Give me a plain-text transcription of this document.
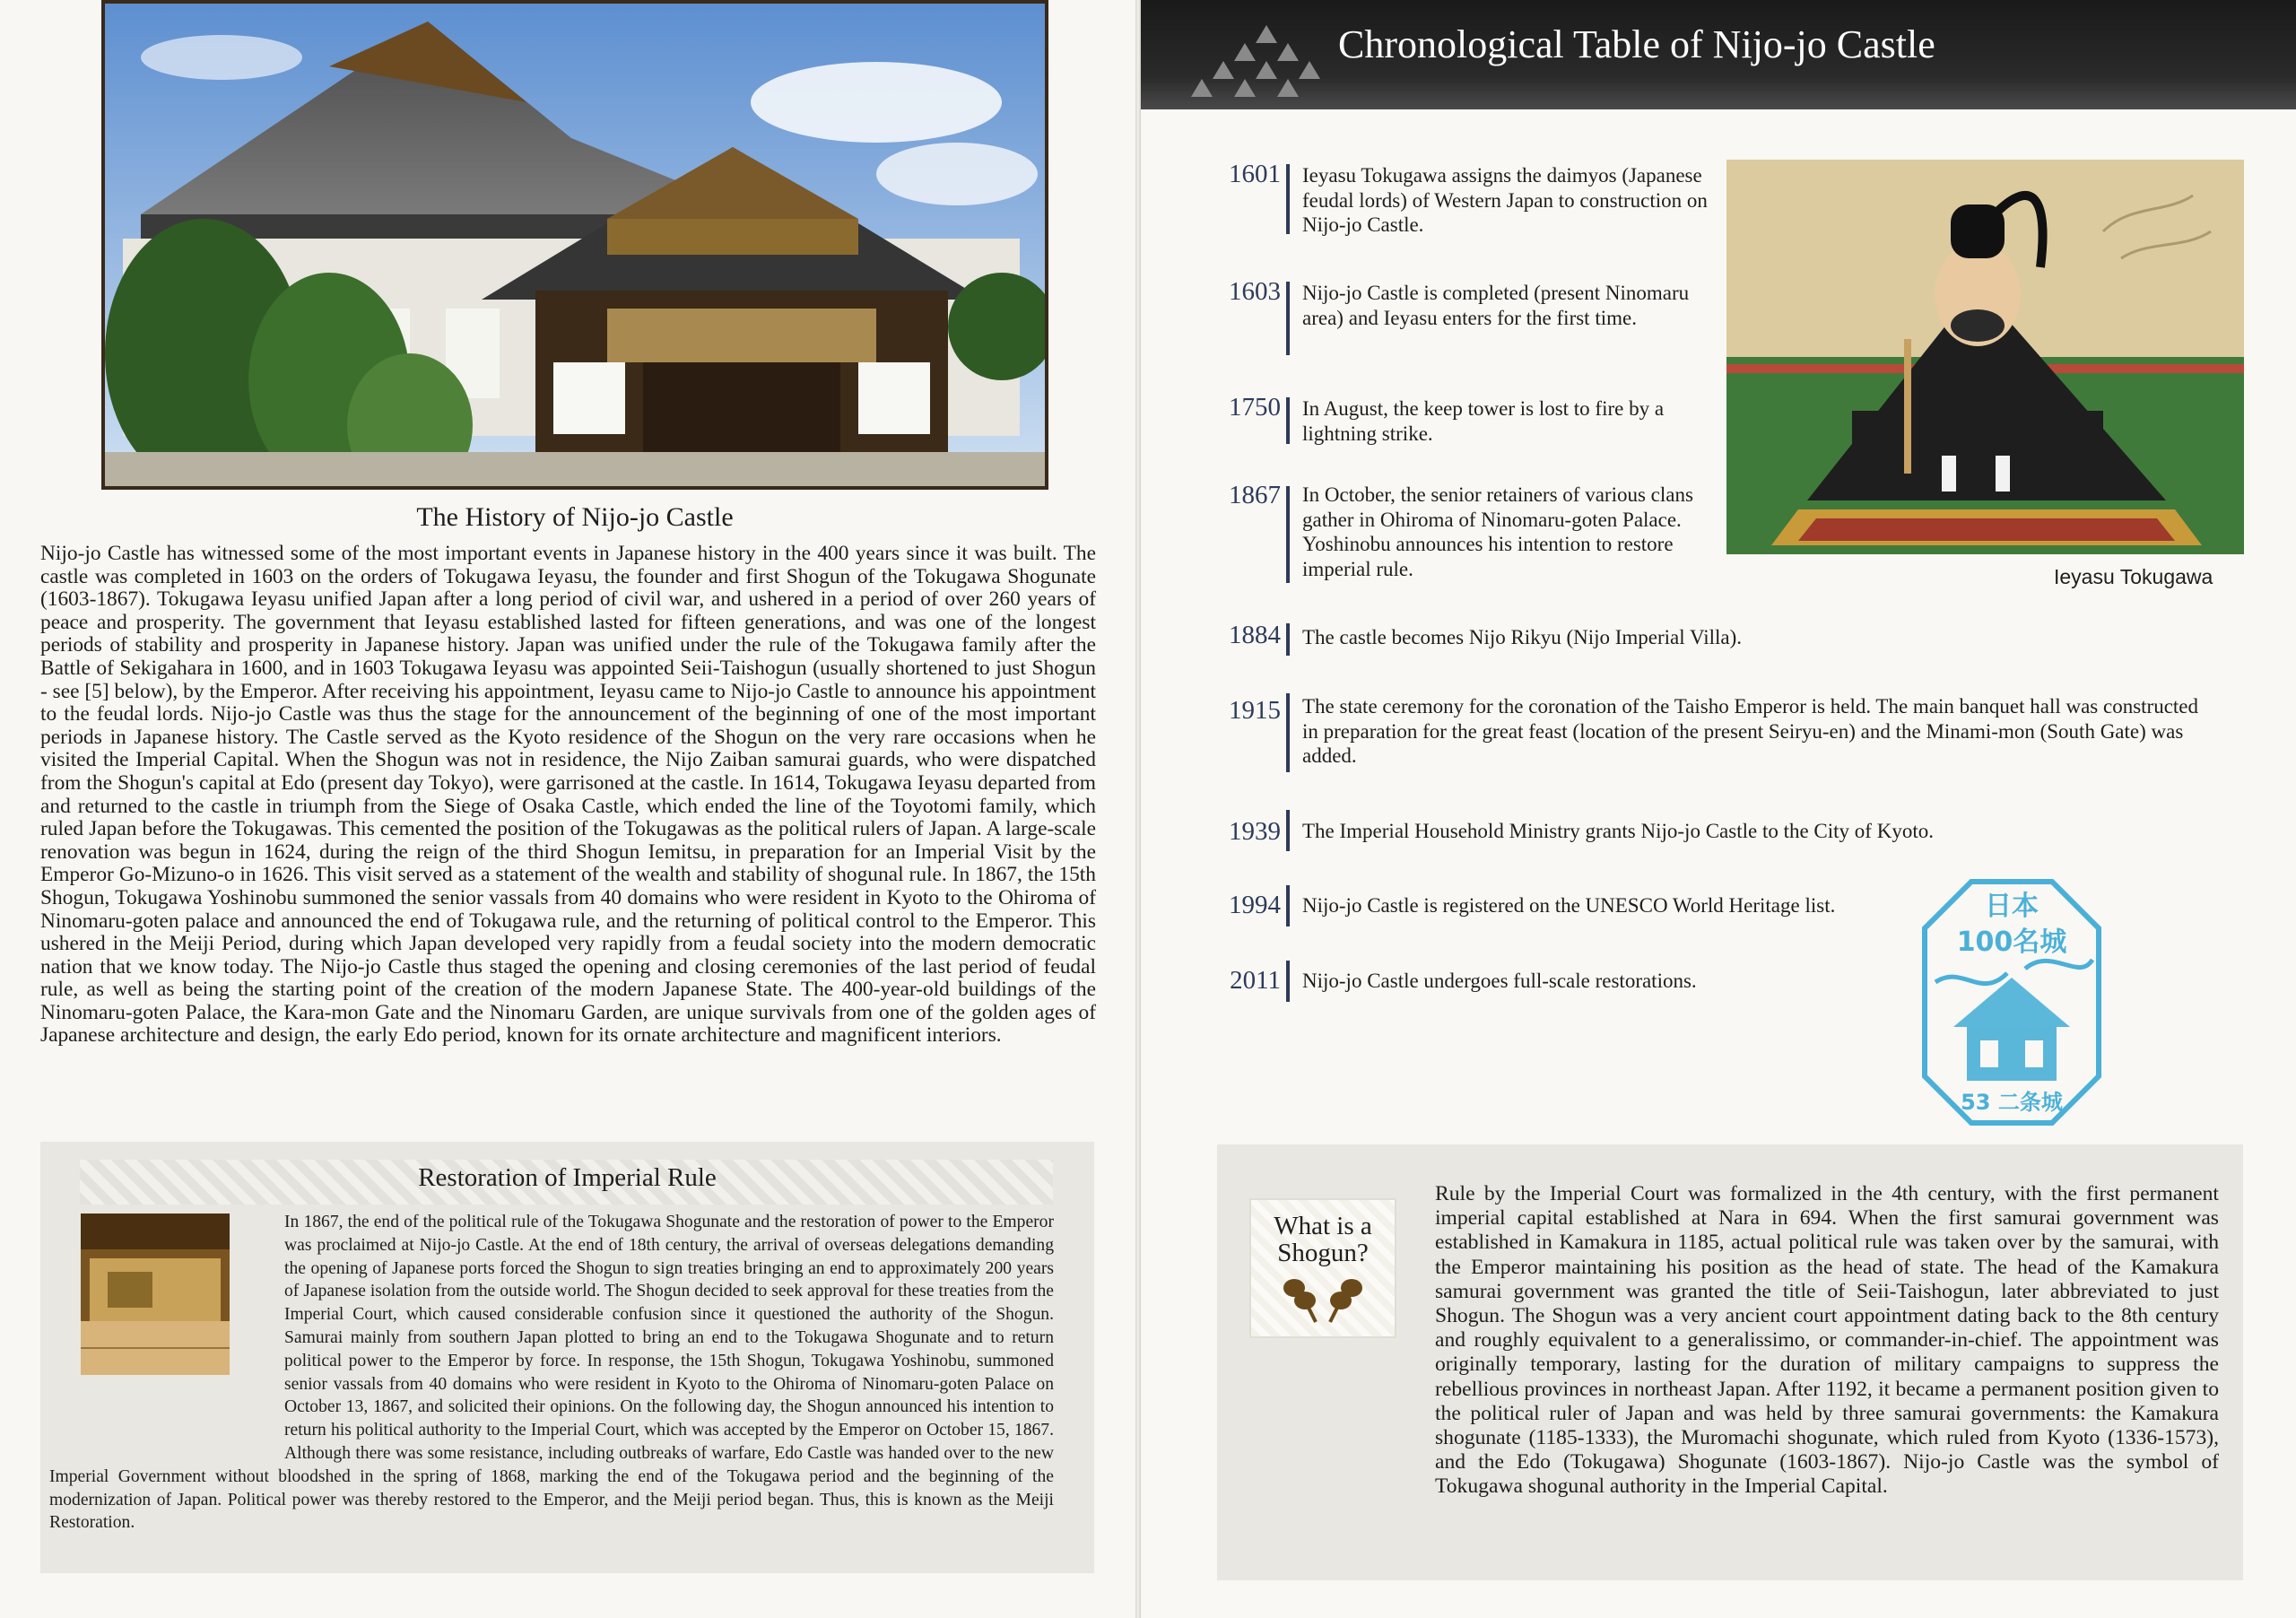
The History of Nijo-jo Castle
Nijo-jo Castle has witnessed some of the most important events in Japanese history in the 400 years since it was built. The castle was completed in 1603 on the orders of Tokugawa Ieyasu, the founder and first Shogun of the Tokugawa Shogunate (1603-1867). Tokugawa Ieyasu unified Japan after a long period of civil war, and ushered in a period of over 260 years of peace and prosperity. The government that Ieyasu established lasted for fifteen generations, and was one of the longest periods of stability and prosperity in Japanese history. Japan was unified under the rule of the Tokugawa family after the Battle of Sekigahara in 1600, and in 1603 Tokugawa Ieyasu was appointed Seii-Taishogun (usually shortened to just Shogun - see [5] below), by the Emperor. After receiving his appointment, Ieyasu came to Nijo-jo Castle to announce his appointment to the feudal lords. Nijo-jo Castle was thus the stage for the announcement of the beginning of one of the most important periods in Japanese history. The Castle served as the Kyoto residence of the Shogun on the very rare occasions when he visited the Imperial Capital. When the Shogun was not in residence, the Nijo Zaiban samurai guards, who were dispatched from the Shogun's capital at Edo (present day Tokyo), were garrisoned at the castle. In 1614, Tokugawa Ieyasu departed from and returned to the castle in triumph from the Siege of Osaka Castle, which ended the line of the Toyotomi family, which ruled Japan before the Tokugawas. This cemented the position of the Tokugawas as the political rulers of Japan. A large-scale renovation was begun in 1624, during the reign of the third Shogun Iemitsu, in preparation for an Imperial Visit by the Emperor Go-Mizuno-o in 1626. This visit served as a statement of the wealth and stability of shogunal rule. In 1867, the 15th Shogun, Tokugawa Yoshinobu summoned the senior vassals from 40 domains who were resident in Kyoto to the Ohiroma of Ninomaru-goten palace and announced the end of Tokugawa rule, and the returning of political control to the Emperor. This ushered in the Meiji Period, during which Japan developed very rapidly from a feudal society into the modern democratic nation that we know today. The Nijo-jo Castle thus staged the opening and closing ceremonies of the last period of feudal rule, as well as being the starting point of the creation of the modern Japanese State. The 400-year-old buildings of the Ninomaru-goten Palace, the Kara-mon Gate and the Ninomaru Garden, are unique survivals from one of the golden ages of Japanese architecture and design, the early Edo period, known for its ornate architecture and magnificent interiors.
Restoration of Imperial Rule
In 1867, the end of the political rule of the Tokugawa Shogunate and the restoration of power to the Emperor was proclaimed at Nijo-jo Castle. At the end of 18th century, the arrival of overseas delegations demanding the opening of Japanese ports forced the Shogun to sign treaties bringing an end to approximately 200 years of Japanese isolation from the outside world. The Shogun decided to seek approval for these treaties from the Imperial Court, which caused considerable confusion since it questioned the authority of the Shogun. Samurai mainly from southern Japan plotted to bring an end to the Tokugawa Shogunate and to return political power to the Emperor by force. In response, the 15th Shogun, Tokugawa Yoshinobu, summoned senior vassals from 40 domains who were resident in Kyoto to the Ohiroma of Ninomaru-goten Palace on October 13, 1867, and solicited their opinions. On the following day, the Shogun announced his intention to return his political authority to the Imperial Court, which was accepted by the Emperor on October 15, 1867. Although there was some resistance, including outbreaks of warfare, Edo Castle was handed over to the new Imperial Government without bloodshed in the spring of 1868, marking the end of the Tokugawa period and the beginning of the modernization of Japan. Political power was thereby restored to the Emperor, and the Meiji period began. Thus, this is known as the Meiji Restoration.
Chronological Table of Nijo-jo Castle
1601 Ieyasu Tokugawa assigns the daimyos (Japanese feudal lords) of Western Japan to construction on Nijo-jo Castle.
1603 Nijo-jo Castle is completed (present Ninomaru area) and Ieyasu enters for the first time.
1750 In August, the keep tower is lost to fire by a lightning strike.
1867 In October, the senior retainers of various clans gather in Ohiroma of Ninomaru-goten Palace. Yoshinobu announces his intention to restore imperial rule.
1884 The castle becomes Nijo Rikyu (Nijo Imperial Villa).
1915 The state ceremony for the coronation of the Taisho Emperor is held. The main banquet hall was constructed in preparation for the great feast (location of the present Seiryu-en) and the Minami-mon (South Gate) was added.
1939 The Imperial Household Ministry grants Nijo-jo Castle to the City of Kyoto.
1994 Nijo-jo Castle is registered on the UNESCO World Heritage list.
2011 Nijo-jo Castle undergoes full-scale restorations.
Ieyasu Tokugawa
日本
100名城
53 二条城
What is a
Shogun?
Rule by the Imperial Court was formalized in the 4th century, with the first permanent imperial capital established at Nara in 694. When the first samurai government was established in Kamakura in 1185, actual political rule was taken over by the samurai, with the Emperor maintaining his position as the head of state. The head of the Kamakura samurai government was granted the title of Seii-Taishogun, later abbreviated to just Shogun. The Shogun was a very ancient court appointment dating back to the 8th century and roughly equivalent to a generalissimo, or commander-in-chief. The appointment was originally temporary, lasting for the duration of military campaigns to suppress the rebellious provinces in northeast Japan. After 1192, it became a permanent position given to the political ruler of Japan and was held by three samurai governments: the Kamakura shogunate (1185-1333), the Muromachi shogunate, which ruled from Kyoto (1336-1573), and the Edo (Tokugawa) Shogunate (1603-1867). Nijo-jo Castle was the symbol of Tokugawa shogunal authority in the Imperial Capital.
